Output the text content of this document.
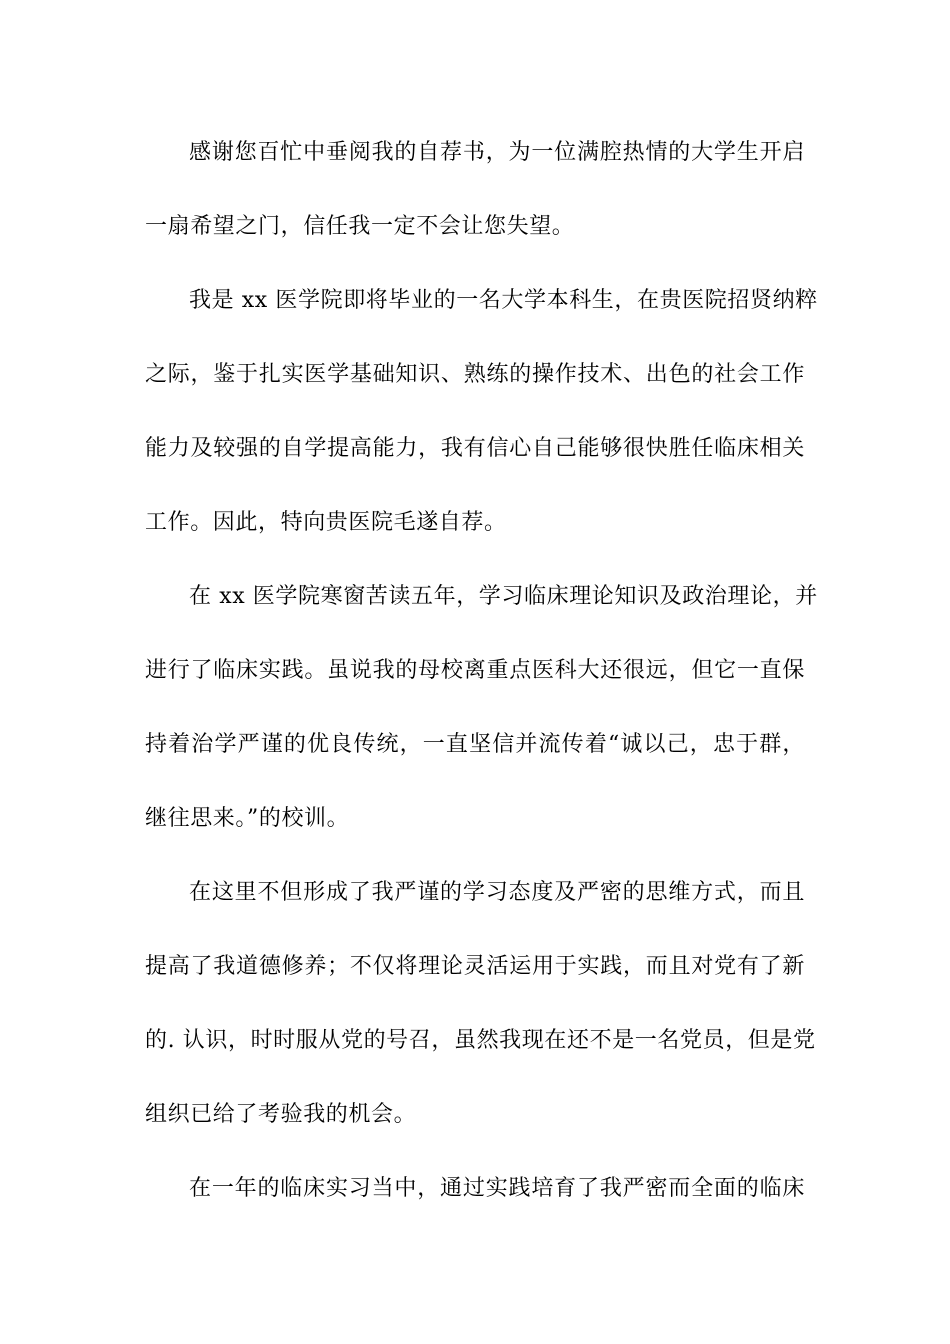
感谢您百忙中垂阅我的自荐书，为一位满腔热情的大学生开启

一扇希望之门，信任我一定不会让您失望。

我是 xx 医学院即将毕业的一名大学本科生，在贵医院招贤纳粹

之际，鉴于扎实医学基础知识、熟练的操作技术、出色的社会工作

能力及较强的自学提高能力，我有信心自己能够很快胜任临床相关

工作。因此，特向贵医院毛遂自荐。

在 xx 医学院寒窗苦读五年，学习临床理论知识及政治理论，并

进行了临床实践。虽说我的母校离重点医科大还很远，但它一直保

持着治学严谨的优良传统，一直坚信并流传着“诚以己，忠于群，

继往思来。”的校训。

在这里不但形成了我严谨的学习态度及严密的思维方式，而且

提高了我道德修养；不仅将理论灵活运用于实践，而且对党有了新

的. 认识，时时服从党的号召，虽然我现在还不是一名党员，但是党

组织已给了考验我的机会。

在一年的临床实习当中，通过实践培育了我严密而全面的临床
